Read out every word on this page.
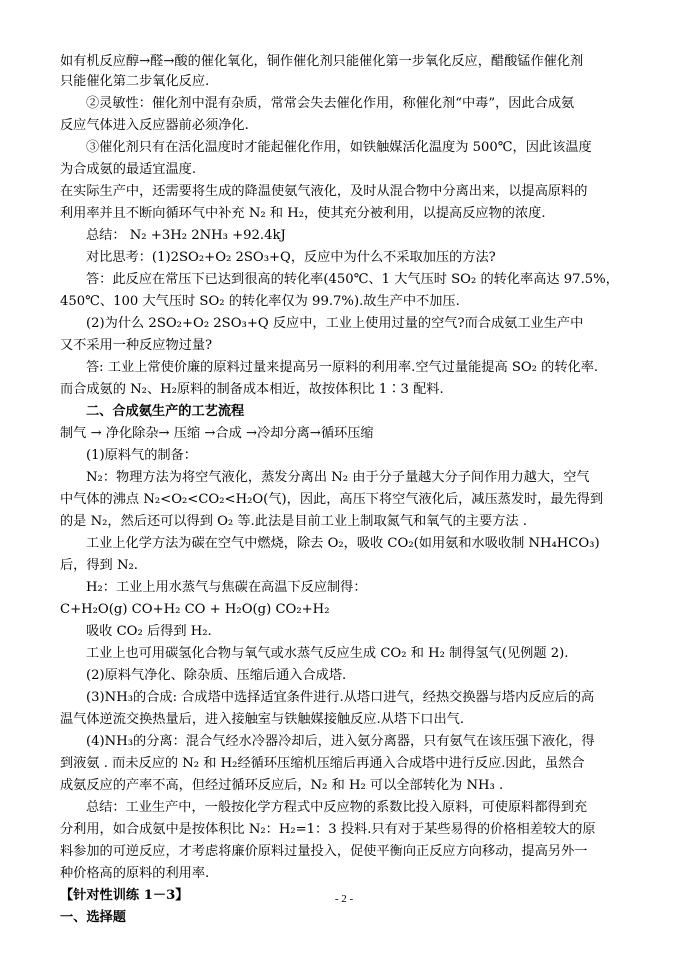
如有机反应醇→醛→酸的催化氧化，铜作催化剂只能催化第一步氧化反应，醋酸锰作催化剂
只能催化第二步氧化反应.
②灵敏性：催化剂中混有杂质，常常会失去催化作用，称催化剂“中毒”，因此合成氨
反应气体进入反应器前必须净化.
③催化剂只有在活化温度时才能起催化作用，如铁触媒活化温度为 500℃，因此该温度
为合成氨的最适宜温度.
在实际生产中，还需要将生成的降温使氨气液化，及时从混合物中分离出来，以提高原料的
利用率并且不断向循环气中补充 N₂ 和 H₂，使其充分被利用，以提高反应物的浓度.
总结： N₂ +3H₂ 2NH₃ +92.4kJ
对比思考：(1)2SO₂+O₂ 2SO₃+Q，反应中为什么不采取加压的方法?
答：此反应在常压下已达到很高的转化率(450℃、1 大气压时 SO₂ 的转化率高达 97.5%，
450℃、100 大气压时 SO₂ 的转化率仅为 99.7%).故生产中不加压.
(2)为什么 2SO₂+O₂ 2SO₃+Q 反应中，工业上使用过量的空气?而合成氨工业生产中
又不采用一种反应物过量?
答: 工业上常使价廉的原料过量来提高另一原料的利用率.空气过量能提高 SO₂ 的转化率.
而合成氨的 N₂、H₂原料的制备成本相近，故按体积比 1∶3 配料.
二、合成氨生产的工艺流程
制气 → 净化除杂→ 压缩 →合成 →冷却分离→循环压缩
(1)原料气的制备：
N₂：物理方法为将空气液化，蒸发分离出 N₂ 由于分子量越大分子间作用力越大，空气
中气体的沸点 N₂<O₂<CO₂<H₂O(气)，因此，高压下将空气液化后，减压蒸发时，最先得到
的是 N₂，然后还可以得到 O₂ 等.此法是目前工业上制取氮气和氧气的主要方法 .
工业上化学方法为碳在空气中燃烧，除去 O₂，吸收 CO₂(如用氨和水吸收制 NH₄HCO₃)
后，得到 N₂.
H₂：工业上用水蒸气与焦碳在高温下反应制得：
C+H₂O(g) CO+H₂ CO + H₂O(g) CO₂+H₂
吸收 CO₂ 后得到 H₂.
工业上也可用碳氢化合物与氧气或水蒸气反应生成 CO₂ 和 H₂ 制得氢气(见例题 2).
(2)原料气净化、除杂质、压缩后通入合成塔.
(3)NH₃的合成: 合成塔中选择适宜条件进行.从塔口进气，经热交换器与塔内反应后的高
温气体逆流交换热量后，进入接触室与铁触媒接触反应.从塔下口出气.
(4)NH₃的分离：混合气经水冷器冷却后，进入氨分离器，只有氨气在该压强下液化，得
到液氨 . 而未反应的 N₂ 和 H₂经循环压缩机压缩后再通入合成塔中进行反应.因此，虽然合
成氨反应的产率不高，但经过循环反应后，N₂ 和 H₂ 可以全部转化为 NH₃ .
总结：工业生产中，一般按化学方程式中反应物的系数比投入原料，可使原料都得到充
分利用，如合成氨中是按体积比 N₂：H₂=1：3 投料.只有对于某些易得的价格相差较大的原
料参加的可逆反应，才考虑将廉价原料过量投入，促使平衡向正反应方向移动，提高另外一
种价格高的原料的利用率.
【针对性训练 1－3】
一、选择题
- 2 -
